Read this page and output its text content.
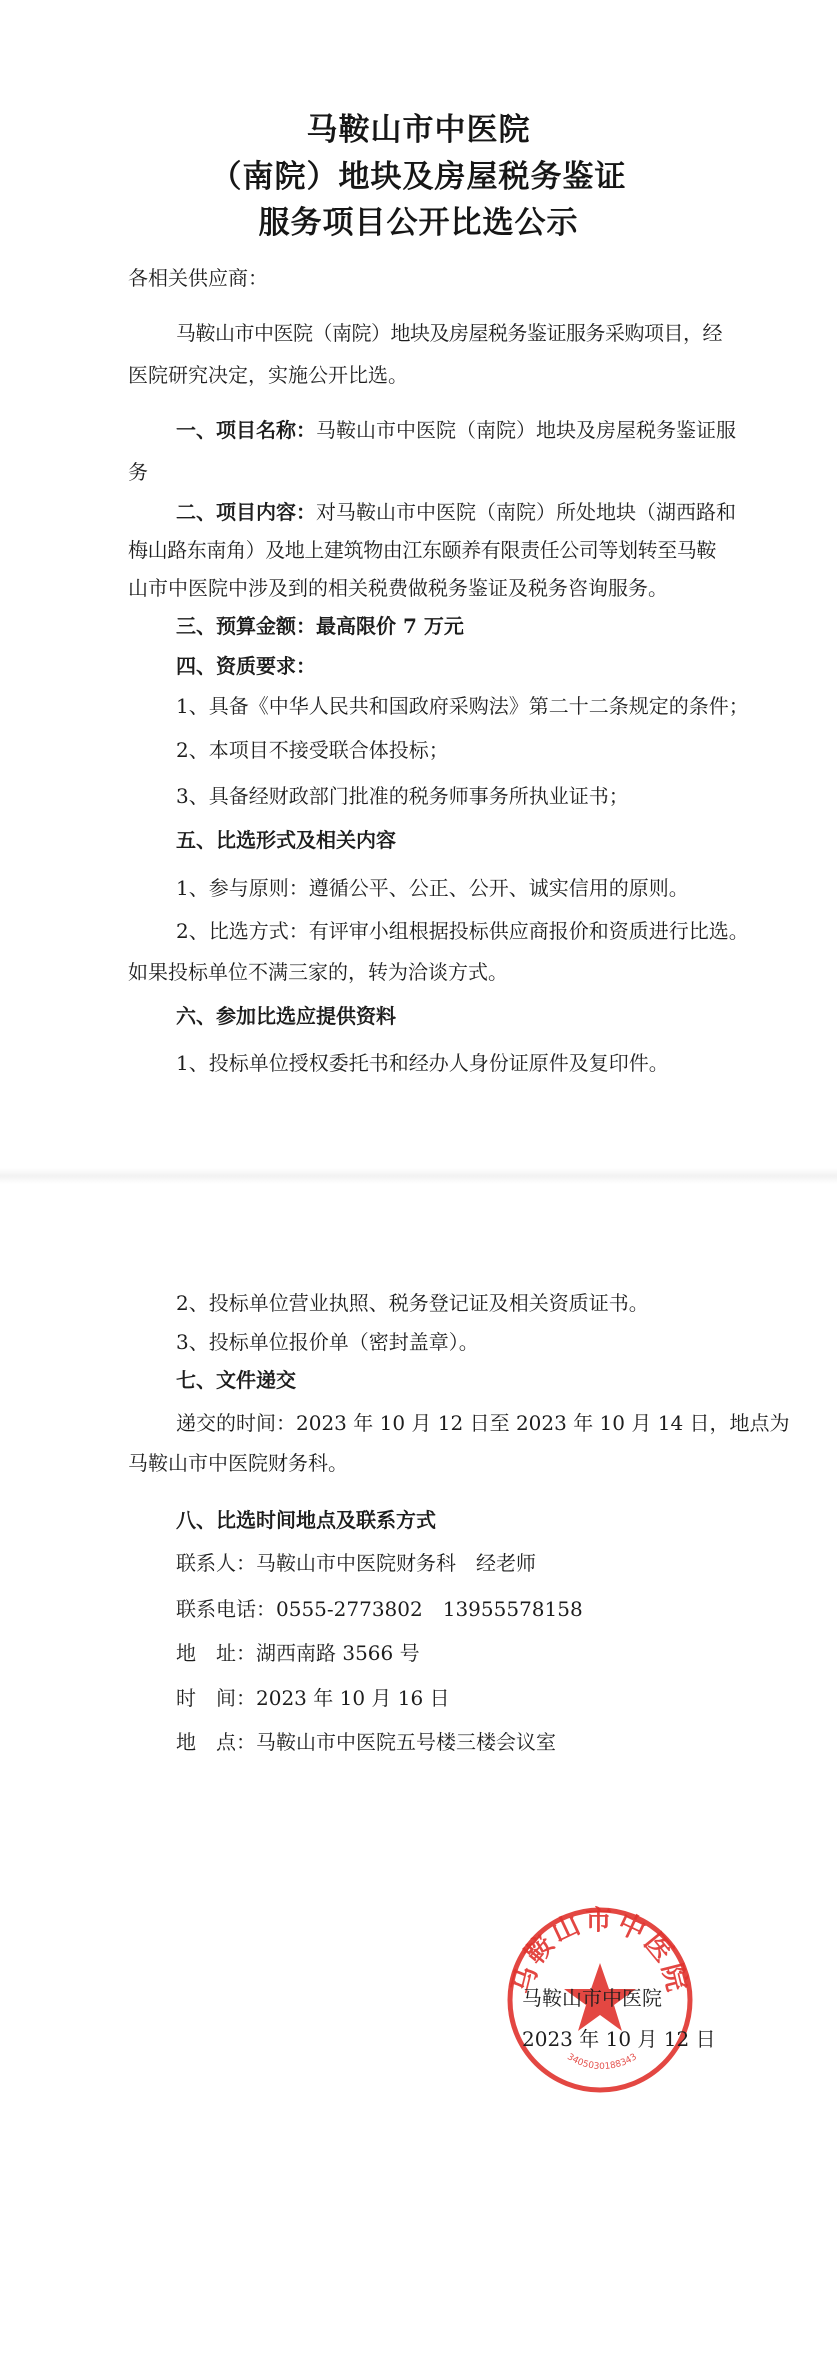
马鞍山市中医院
（南院）地块及房屋税务鉴证
服务项目公开比选公示
各相关供应商：
马鞍山市中医院（南院）地块及房屋税务鉴证服务采购项目，经
医院研究决定，实施公开比选。
一、项目名称：马鞍山市中医院（南院）地块及房屋税务鉴证服
务
二、项目内容：对马鞍山市中医院（南院）所处地块（湖西路和
梅山路东南角）及地上建筑物由江东颐养有限责任公司等划转至马鞍
山市中医院中涉及到的相关税费做税务鉴证及税务咨询服务。
三、预算金额：最高限价 7 万元
四、资质要求：
1、具备《中华人民共和国政府采购法》第二十二条规定的条件；
2、本项目不接受联合体投标；
3、具备经财政部门批准的税务师事务所执业证书；
五、比选形式及相关内容
1、参与原则：遵循公平、公正、公开、诚实信用的原则。
2、比选方式：有评审小组根据投标供应商报价和资质进行比选。
如果投标单位不满三家的，转为洽谈方式。
六、参加比选应提供资料
1、投标单位授权委托书和经办人身份证原件及复印件。
2、投标单位营业执照、税务登记证及相关资质证书。
3、投标单位报价单（密封盖章）。
七、文件递交
递交的时间：2023 年 10 月 12 日至 2023 年 10 月 14 日，地点为
马鞍山市中医院财务科。
八、比选时间地点及联系方式
联系人：马鞍山市中医院财务科　经老师
联系电话：0555-2773802　13955578158
地　址：湖西南路 3566 号
时　间：2023 年 10 月 16 日
地　点：马鞍山市中医院五号楼三楼会议室
马鞍山市中医院
3405030188343
马鞍山市中医院
2023 年 10 月 12 日
